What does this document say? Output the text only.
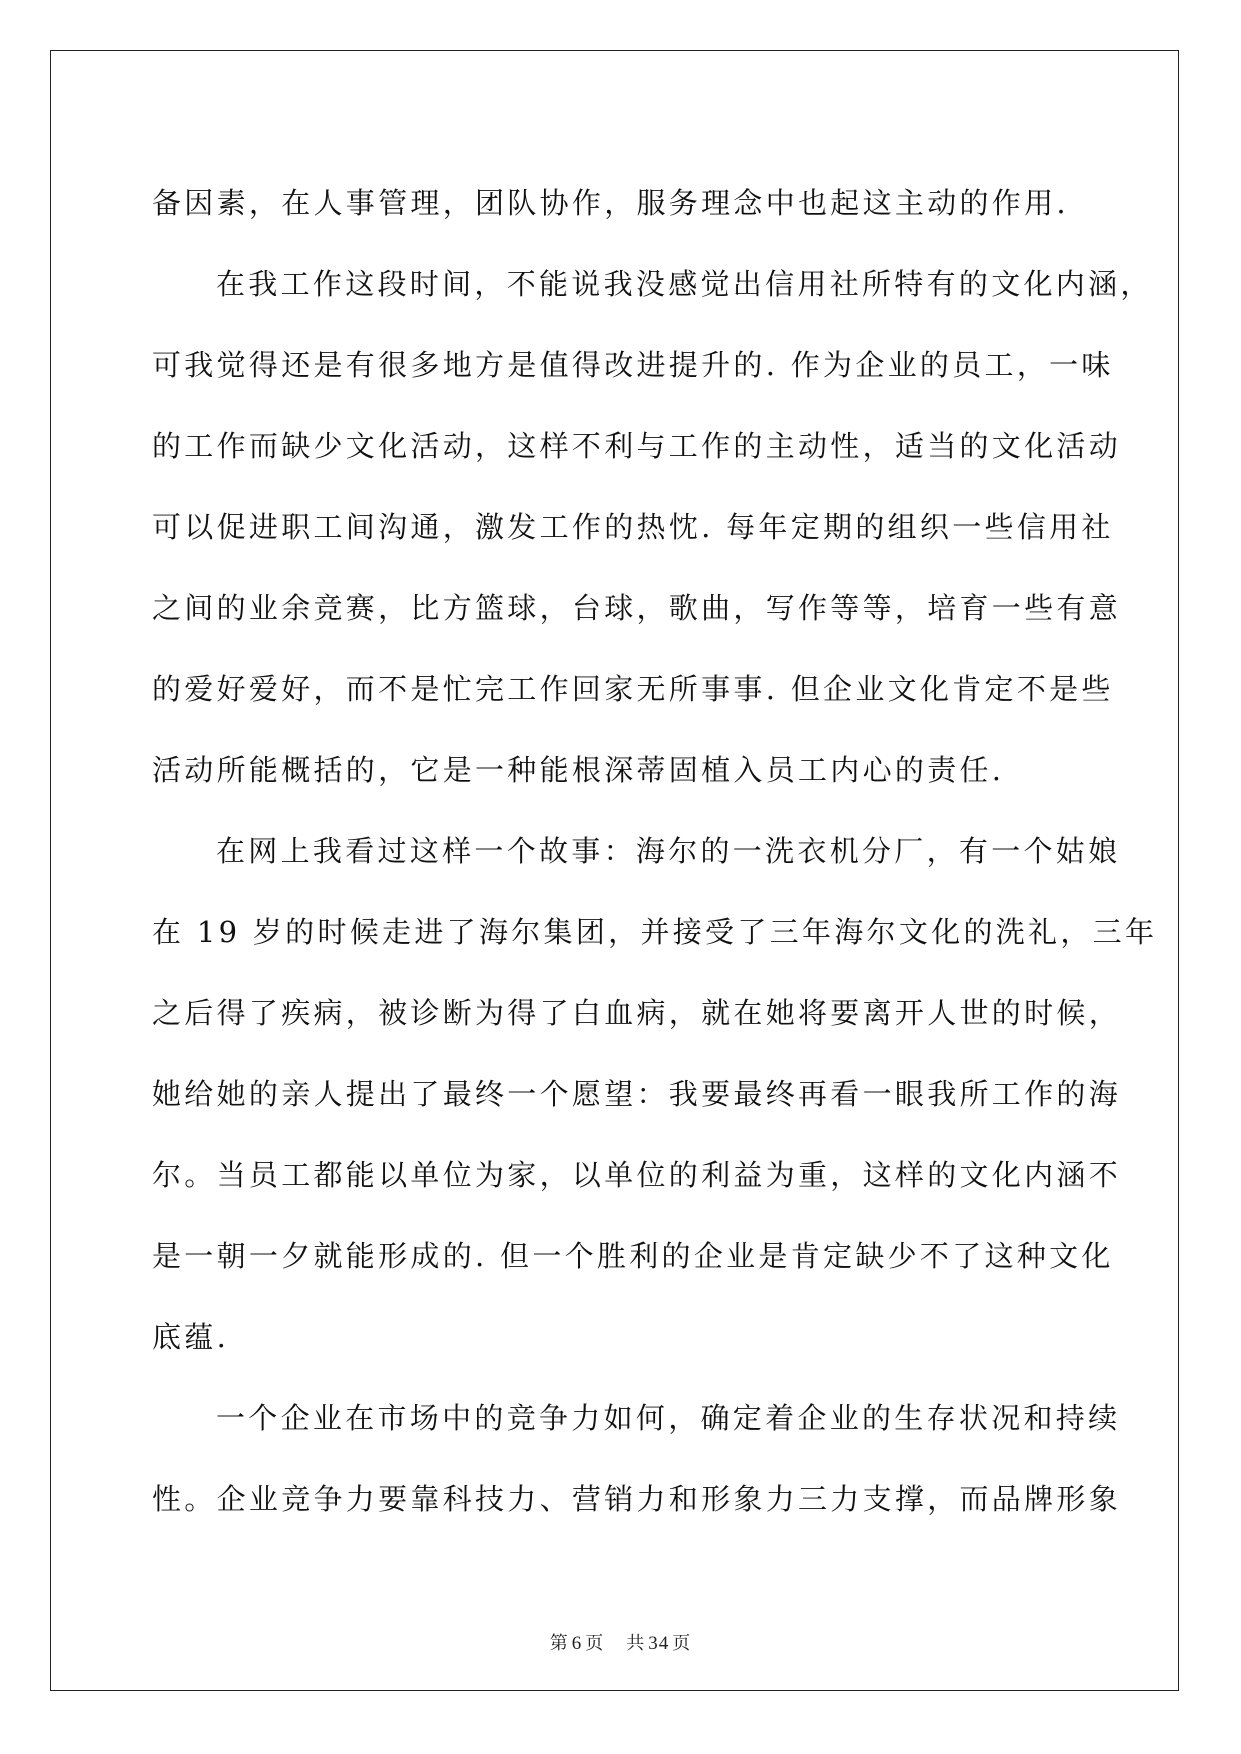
备因素，在人事管理，团队协作，服务理念中也起这主动的作用.
在我工作这段时间，不能说我没感觉出信用社所特有的文化内涵，
可我觉得还是有很多地方是值得改进提升的. 作为企业的员工，一味
的工作而缺少文化活动，这样不利与工作的主动性，适当的文化活动
可以促进职工间沟通，激发工作的热忱. 每年定期的组织一些信用社
之间的业余竞赛，比方篮球，台球，歌曲，写作等等，培育一些有意
的爱好爱好，而不是忙完工作回家无所事事. 但企业文化肯定不是些
活动所能概括的，它是一种能根深蒂固植入员工内心的责任.
在网上我看过这样一个故事：海尔的一洗衣机分厂，有一个姑娘
在 19 岁的时候走进了海尔集团，并接受了三年海尔文化的洗礼，三年
之后得了疾病，被诊断为得了白血病，就在她将要离开人世的时候，
她给她的亲人提出了最终一个愿望：我要最终再看一眼我所工作的海
尔。当员工都能以单位为家，以单位的利益为重，这样的文化内涵不
是一朝一夕就能形成的. 但一个胜利的企业是肯定缺少不了这种文化
底蕴.
一个企业在市场中的竞争力如何，确定着企业的生存状况和持续
性。企业竞争力要靠科技力、营销力和形象力三力支撑，而品牌形象
第 6 页 共 34 页
